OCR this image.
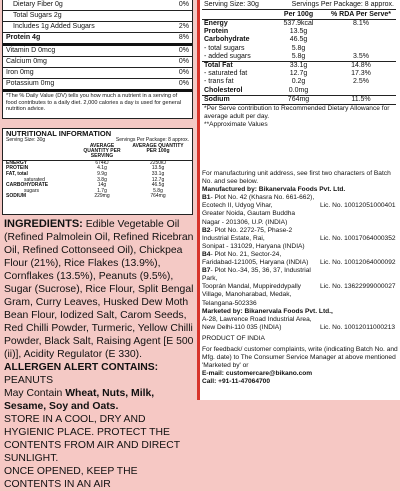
Dietary Fiber 0g	0%
Total Sugars 2g
Includes 1g Added Sugars	2%
Protein 4g	8%
Vitamin D 0mcg	0%
Calcium 0mg	0%
Iron 0mg	0%
Potassium 0mg	0%
*The % Daily Value (DV) tells you how much a nutrient in a serving of food contributes to a daily diet. 2,000 calories a day is used for general nutrition advice.
NUTRITIONAL INFORMATION
Serving Size: 30g	Servings Per Package: 8 approx.
AVERAGE QUANTITY PER SERVING
AVERAGE QUANTITY PER 100g
ENERGY	674kJ	2250kJ
PROTEIN	4.1g	13.5g
FAT, total	9.9g	33.1g
saturated	3.8g	12.7g
CARBOHYDRATE	14g	46.5g
sugars	1.7g	5.8g
SODIUM	229mg	764mg

INGREDIENTS: Edible Vegetable Oil (Refined Palmolein Oil, Refined Ricebran Oil, Refined Cottonseed Oil), Chickpea Flour (21%), Rice Flakes (13.9%), Cornflakes (13.5%), Peanuts (9.5%), Sugar (Sucrose), Rice Flour, Split Bengal Gram, Curry Leaves, Husked Dew Moth Bean Flour, Iodized Salt, Carom Seeds, Red Chilli Powder, Turmeric, Yellow Chilli Powder, Black Salt, Raising Agent [E 500 (ii)], Acidity Regulator (E 330).

ALLERGEN ALERT CONTAINS: PEANUTS

May Contain Wheat, Nuts, Milk, Sesame, Soy and Oats.

STORE IN A COOL, DRY AND HYGIENIC PLACE. PROTECT THE CONTENTS FROM AIR AND DIRECT SUNLIGHT.

ONCE OPENED, KEEP THE CONTENTS IN AN AIR

Serving Size: 30g	Servings Per Package: 8 approx.
Per 100g	% RDA Per Serve*
Energy	537.9kcal	8.1%
Protein	13.5g
Carbohydrate	46.5g
- total sugars	5.8g
- added sugars	5.8g	3.5%
Total Fat	33.1g	14.8%
- saturated fat	12.7g	17.3%
- trans fat	0.2g	2.5%
Cholesterol	0.0mg
Sodium	764mg	11.5%
*Per Serve contribution to Recommended Dietary Allowance for average adult per day.
**Approximate Values

For manufacturing unit address, see first two characters of Batch No. and see below.

Manufactured by: Bikanervala Foods Pvt. Ltd.

B1- Plot No. 42 (Khasra No. 661-662),
Ecotech II, Udyog Vihar,	Lic. No. 10012051000401
Greater Noida, Gautam Buddha
Nagar - 201306, U.P. (INDIA)
B2- Plot No. 2272-75, Phase-2
Industrial Estate, Rai,	Lic. No. 10017064000352
Sonipat - 131029, Haryana (INDIA)
B4- Plot No. 21, Sector-24,
Faridabad-121005, Haryana (INDIA) Lic. No. 10012064000092
B7- Plot No.-34, 35, 36, 37, Industrial Park,
Tooprán Mandal, Muppireddypally	Lic. No. 13622999000027
Village, Manoharabad, Medak,
Telangana-502336

Marketed by: Bikanervala Foods Pvt. Ltd.,

A-28, Lawrence Road Industrial Area,

New Delhi-110 035 (INDIA)	Lic. No. 10012011000213

PRODUCT OF INDIA

For feedback/ customer complaints, write (indicating Batch No. and Mfg. date) to The Consumer Service Manager at above mentioned 'Marketed by' or

E-mail: customercare@bikano.com

Call: +91-11-47064700
